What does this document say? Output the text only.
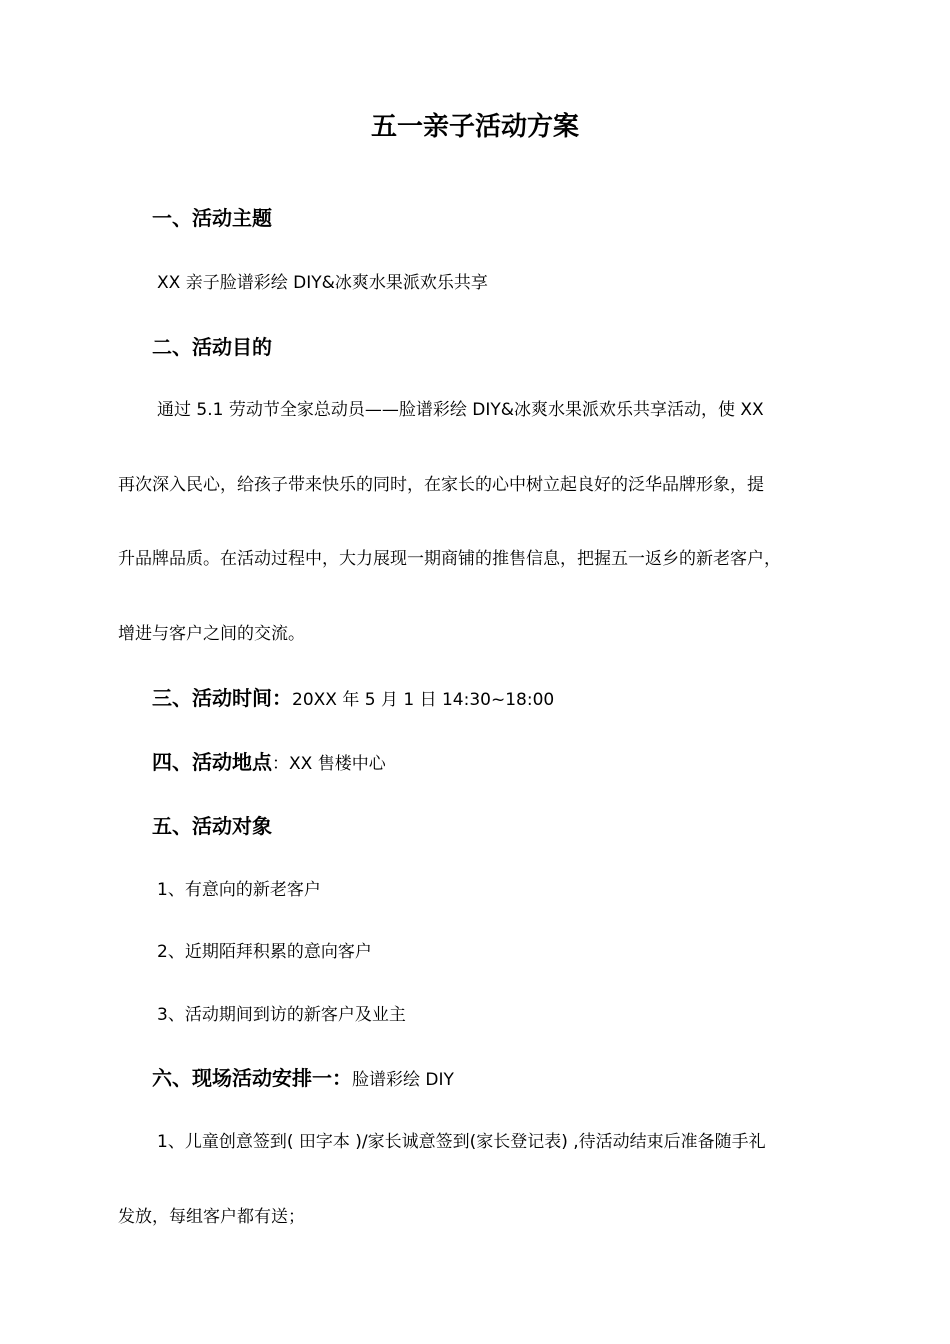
五一亲子活动方案
一、活动主题
XX 亲子脸谱彩绘 DIY&冰爽水果派欢乐共享
二、活动目的
通过 5.1 劳动节全家总动员——脸谱彩绘 DIY&冰爽水果派欢乐共享活动，使 XX
再次深入民心，给孩子带来快乐的同时，在家长的心中树立起良好的泛华品牌形象，提
升品牌品质。在活动过程中，大力展现一期商铺的推售信息，把握五一返乡的新老客户，
增进与客户之间的交流。
三、活动时间：20XX 年 5 月 1 日 14:30~18:00
四、活动地点：XX 售楼中心
五、活动对象
1、有意向的新老客户
2、近期陌拜积累的意向客户
3、活动期间到访的新客户及业主
六、现场活动安排一：脸谱彩绘 DIY
1、儿童创意签到( 田字本 )/家长诚意签到(家长登记表) ,待活动结束后准备随手礼
发放，每组客户都有送；
